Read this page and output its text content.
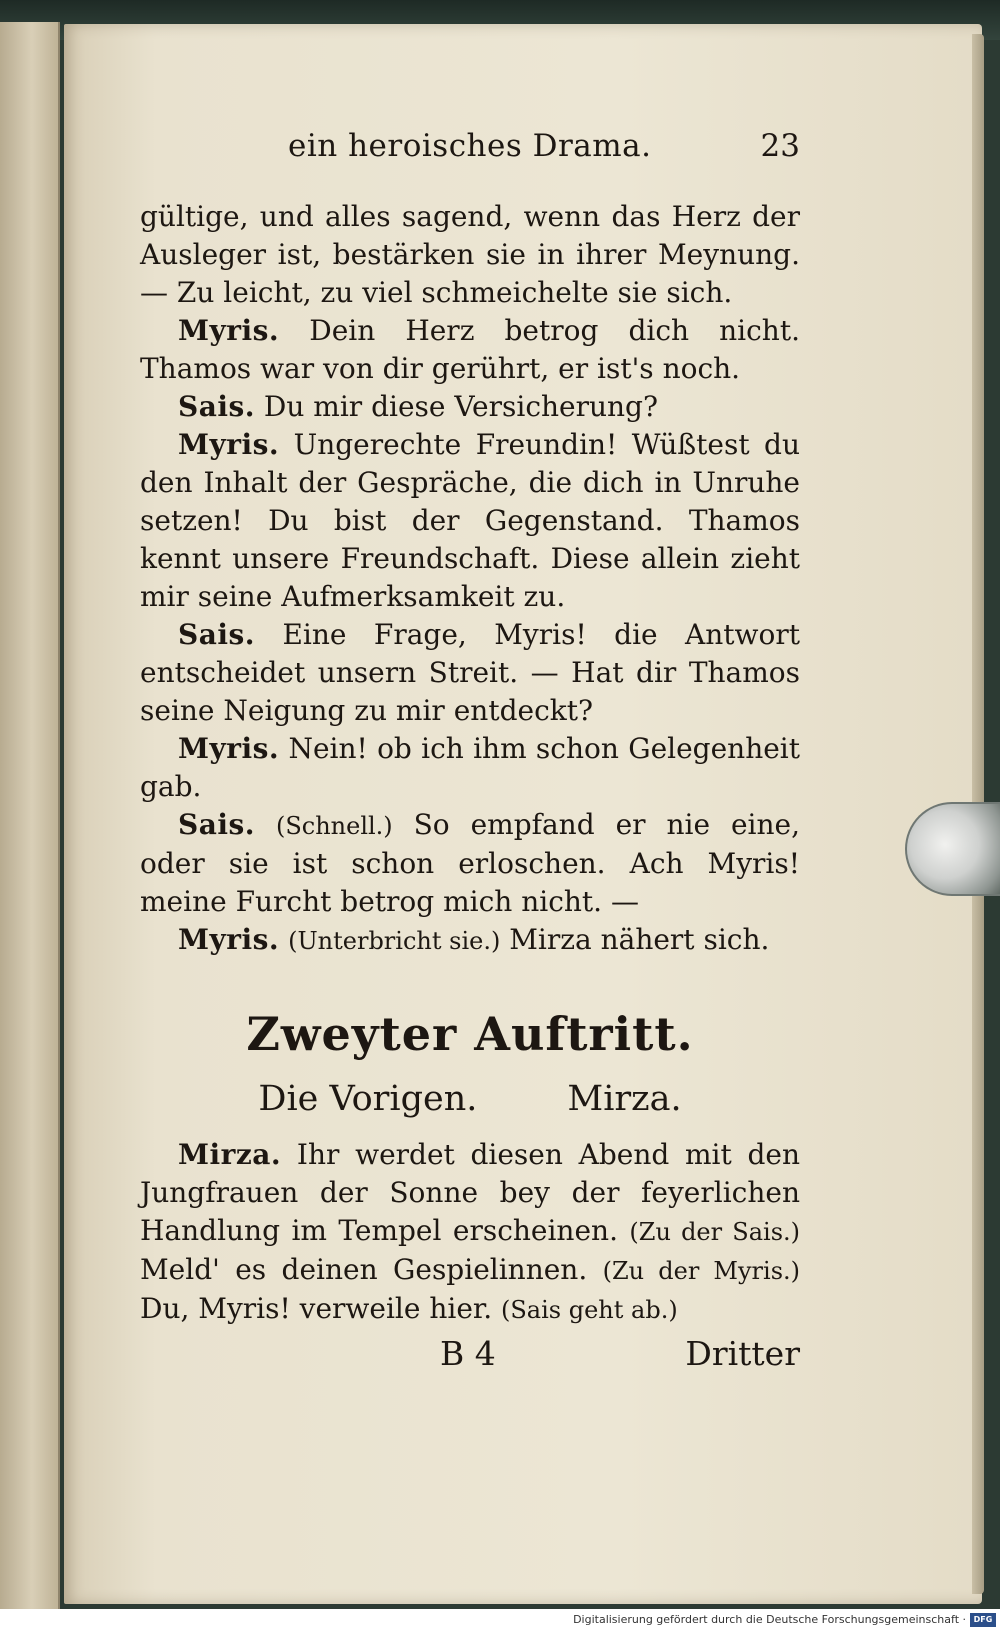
ein heroisches Drama.	23

gültige, und alles sagend, wenn das Herz der Ausleger ist, bestärken sie in ihrer Meynung. — Zu leicht, zu viel schmeichelte sie sich.

Myris. Dein Herz betrog dich nicht. Thamos war von dir gerührt, er ist's noch.

Sais. Du mir diese Versicherung?

Myris. Ungerechte Freundin! Wüßtest du den Inhalt der Gespräche, die dich in Unruhe setzen! Du bist der Gegenstand. Thamos kennt unsere Freundschaft. Diese allein zieht mir seine Aufmerksamkeit zu.

Sais. Eine Frage, Myris! die Antwort entscheidet unsern Streit. — Hat dir Thamos seine Neigung zu mir entdeckt?

Myris. Nein! ob ich ihm schon Gelegenheit gab.

Sais. (Schnell.) So empfand er nie eine, oder sie ist schon erloschen. Ach Myris! meine Furcht betrog mich nicht. —

Myris. (Unterbricht sie.) Mirza nähert sich.

Zweyter Auftritt.
Die Vorigen.	Mirza.

Mirza. Ihr werdet diesen Abend mit den Jungfrauen der Sonne bey der feyerlichen Handlung im Tempel erscheinen. (Zu der Sais.) Meld' es deinen Gespielinnen. (Zu der Myris.) Du, Myris! verweile hier. (Sais geht ab.)

B 4	Dritter
Digitalisierung gefördert durch die Deutsche Forschungsgemeinschaft · DFG
